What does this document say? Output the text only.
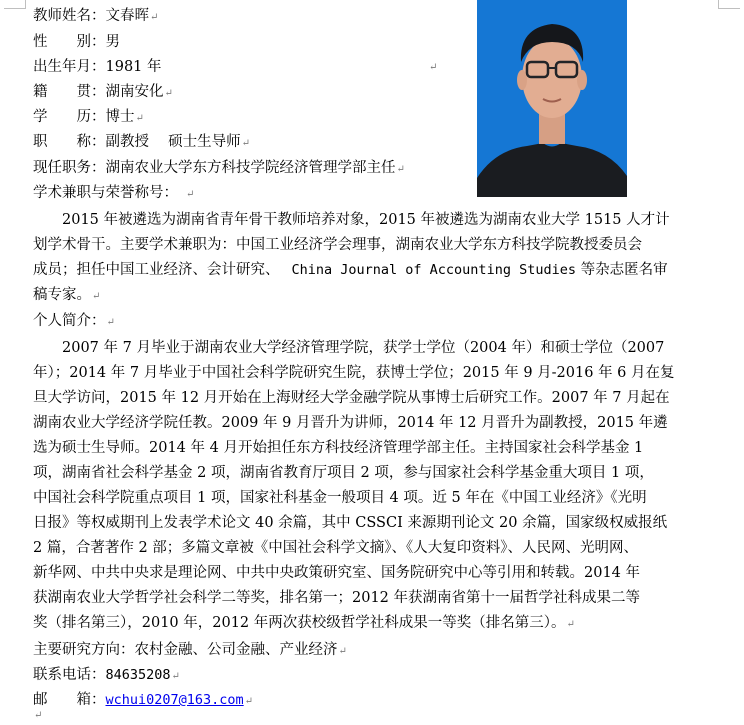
教师姓名：文春晖↵
性　　别：男
出生年月：1981 年	↵
籍　　贯：湖南安化↵
学　　历：博士↵
职　　称：副教授　 硕士生导师↵
现任职务：湖南农业大学东方科技学院经济管理学部主任↵
学术兼职与荣誉称号： ↵
　　2015 年被遴选为湖南省青年骨干教师培养对象，2015 年被遴选为湖南农业大学 1515 人才计
划学术骨干。主要学术兼职为：中国工业经济学会理事，湖南农业大学东方科技学院教授委员会
成员；担任中国工业经济、会计研究、 China Journal of Accounting Studies 等杂志匿名审
稿专家。↵
个人简介：↵
　　2007 年 7 月毕业于湖南农业大学经济管理学院，获学士学位（2004 年）和硕士学位（2007
年）；2014 年 7 月毕业于中国社会科学院研究生院，获博士学位；2015 年 9 月-2016 年 6 月在复
旦大学访问，2015 年 12 月开始在上海财经大学金融学院从事博士后研究工作。2007 年 7 月起在
湖南农业大学经济学院任教。2009 年 9 月晋升为讲师，2014 年 12 月晋升为副教授，2015 年遴
选为硕士生导师。2014 年 4 月开始担任东方科技经济管理学部主任。主持国家社会科学基金 1
项，湖南省社会科学基金 2 项，湖南省教育厅项目 2 项，参与国家社会科学基金重大项目 1 项，
中国社会科学院重点项目 1 项，国家社科基金一般项目 4 项。近 5 年在《中国工业经济》《光明
日报》等权威期刊上发表学术论文 40 余篇，其中 CSSCI 来源期刊论文 20 余篇，国家级权威报纸
2 篇，合著著作 2 部；多篇文章被《中国社会科学文摘》、《人大复印资料》、人民网、光明网、
新华网、中共中央求是理论网、中共中央政策研究室、国务院研究中心等引用和转载。2014 年
获湖南农业大学哲学社会科学二等奖，排名第一；2012 年获湖南省第十一届哲学社科成果二等
奖（排名第三），2010 年，2012 年两次获校级哲学社科成果一等奖（排名第三）。↵
主要研究方向：农村金融、公司金融、产业经济↵
联系电话：84635208↵
邮　　箱：wchui0207@163.com↵
↵
